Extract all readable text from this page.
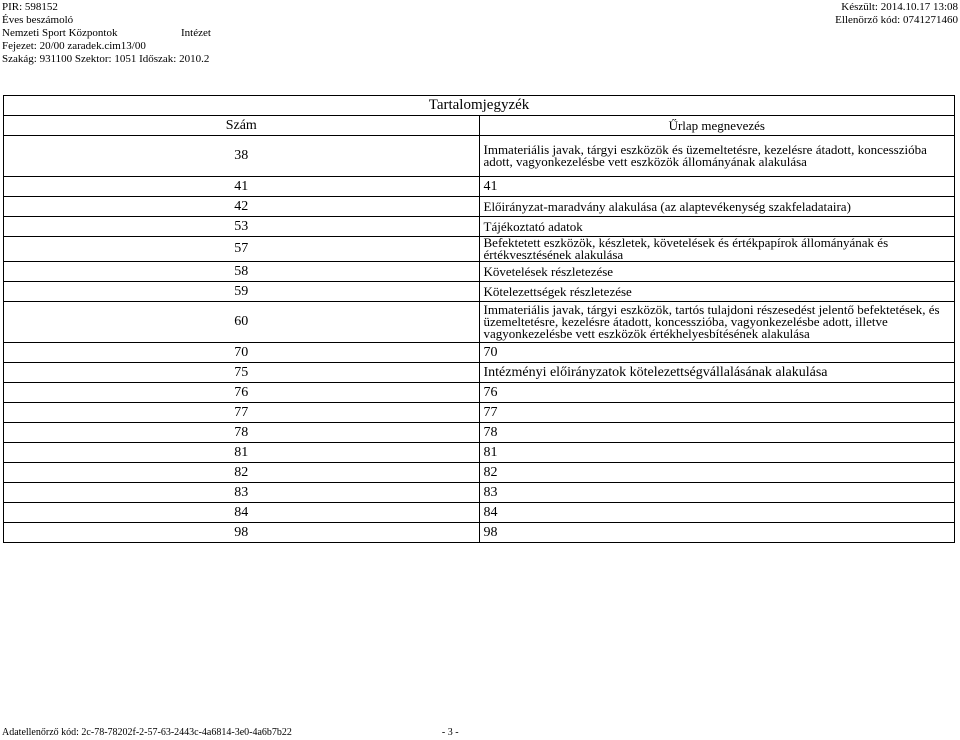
PIR: 598152
Éves beszámoló
Nemzeti Sport Központok
Fejezet: 20/00 zaradek.cim13/00
Szakág: 931100 Szektor: 1051 Időszak: 2010.2
Intézet
Készült: 2014.10.17 13:08
Ellenörző kód: 0741271460
Tartalomjegyzék	
Szám	Űrlap megnevezés
38	Immateriális javak, tárgyi eszközök és üzemeltetésre, kezelésre átadott, koncesszióba adott, vagyonkezelésbe vett eszközök állományának alakulása
41	41
42	Előirányzat-maradvány alakulása (az alaptevékenység szakfeladataira)
53	Tájékoztató adatok
57	Befektetett eszközök, készletek, követelések és értékpapírok állományának és értékvesztésének alakulása
58	Követelések részletezése
59	Kötelezettségek részletezése
60	Immateriális javak, tárgyi eszközök, tartós tulajdoni részesedést jelentő befektetések, és üzemeltetésre, kezelésre átadott, koncesszióba, vagyonkezelésbe adott, illetve vagyonkezelésbe vett eszközök értékhelyesbítésének alakulása
70	70
75	Intézményi előirányzatok kötelezettségvállalásának alakulása
76	76
77	77
78	78
81	81
82	82
83	83
84	84
98	98
Adatellenőrző kód: 2c-78-78202f-2-57-63-2443c-4a6814-3e0-4a6b7b22	- 3 -
